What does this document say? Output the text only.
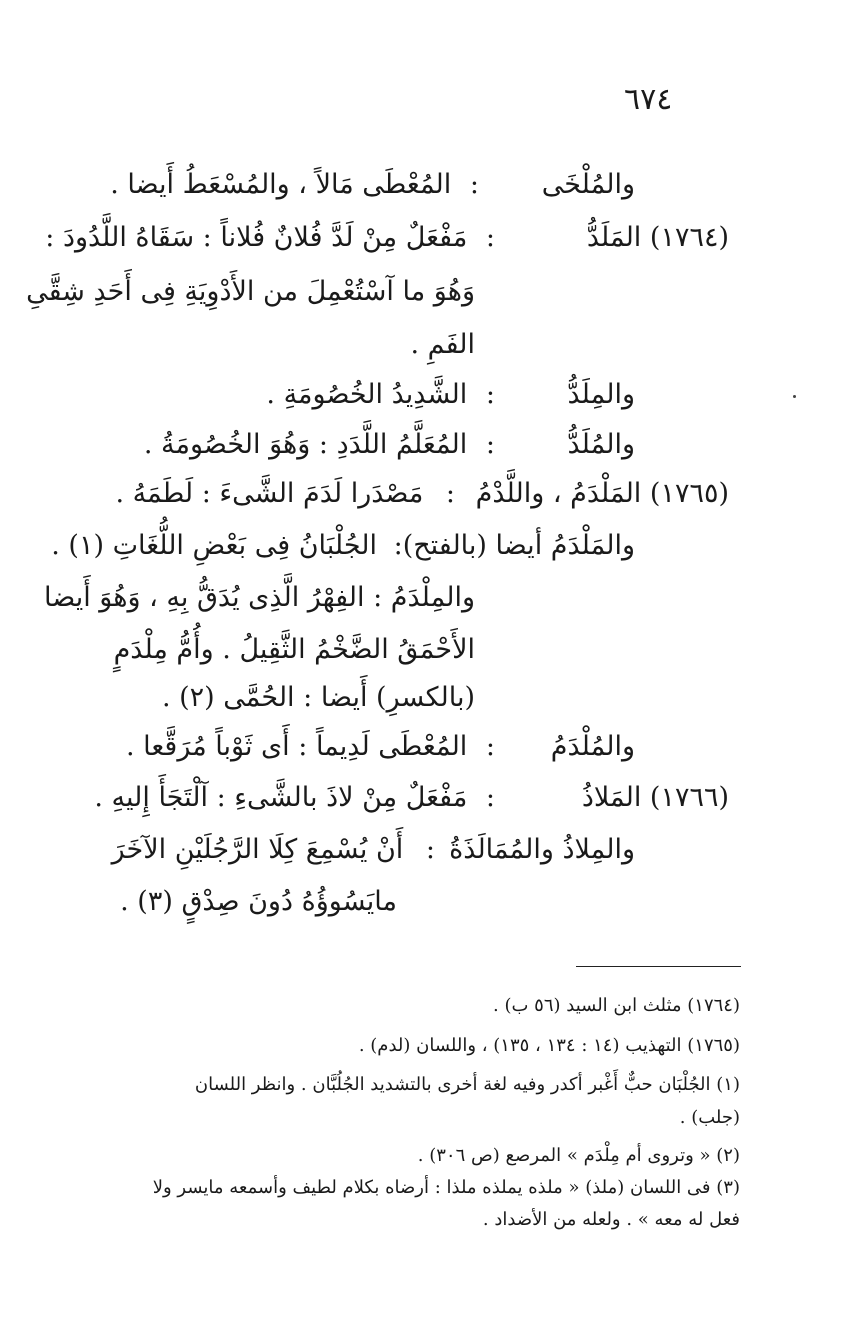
٦٧٤
والمُلْخَى
: المُعْطَى مَالاً ، والمُسْعَطُ أَيضا .
(١٧٦٤) المَلَدُّ
: مَفْعَلٌ مِنْ لَدَّ فُلانٌ فُلاناً : سَقَاهُ اللَّدُودَ :
وَهُوَ ما آسْتُعْمِلَ من الأَدْوِيَةِ فِى أَحَدِ شِقَّىِ
الفَمِ .
والمِلَدُّ
: الشَّدِيدُ الخُصُومَةِ .
والمُلَدُّ
: المُعَلَّمُ اللَّدَدِ : وَهُوَ الخُصُومَةُ .
(١٧٦٥) المَلْدَمُ ، واللَّدْمُ
: مَصْدَرا لَدَمَ الشَّىءَ : لَطَمَهُ .
والمَلْدَمُ أيضا (بالفتح): الجُلْبَانُ فِى بَعْضِ اللُّغَاتِ (١) .
والمِلْدَمُ : الفِهْرُ الَّذِى يُدَقُّ بِهِ ، وَهُوَ أَيضا
الأَحْمَقُ الضَّخْمُ الثَّقِيلُ . وأُمُّ مِلْدَمٍ
(بالكسرِ) أَيضا : الحُمَّى (٢) .
والمُلْدَمُ
: المُعْطَى لَدِيماً : أَى ثَوْباً مُرَقَّعا .
(١٧٦٦) المَلاذُ
: مَفْعَلٌ مِنْ لاذَ بالشَّىءِ : آلْتَجَأَ إِليهِ .
والمِلاذُ والمُمَالَذَةُ
: أَنْ يُسْمِعَ كِلَا الرَّجُلَيْنِ الآخَرَ
مايَسُوؤُهُ دُونَ صِدْقٍ (٣) .
(١٧٦٤) مثلث ابن السيد (٥٦ ب) .
(١٧٦٥) التهذيب (١٤ : ١٣٤ ، ١٣٥) ، واللسان (لدم) .
(١) الجُلْبَان حبٌّ أَغْبر أكدر وفيه لغة أخرى بالتشديد الجُلُبَّان . وانظر اللسان
(جلب) .
(٢) « وتروى أم مِلْدَم » المرصع (ص ٣٠٦) .
(٣) فى اللسان (ملذ) « ملذه يملذه ملذا : أرضاه بكلام لطيف وأسمعه مايسر ولا
فعل له معه » . ولعله من الأضداد .
